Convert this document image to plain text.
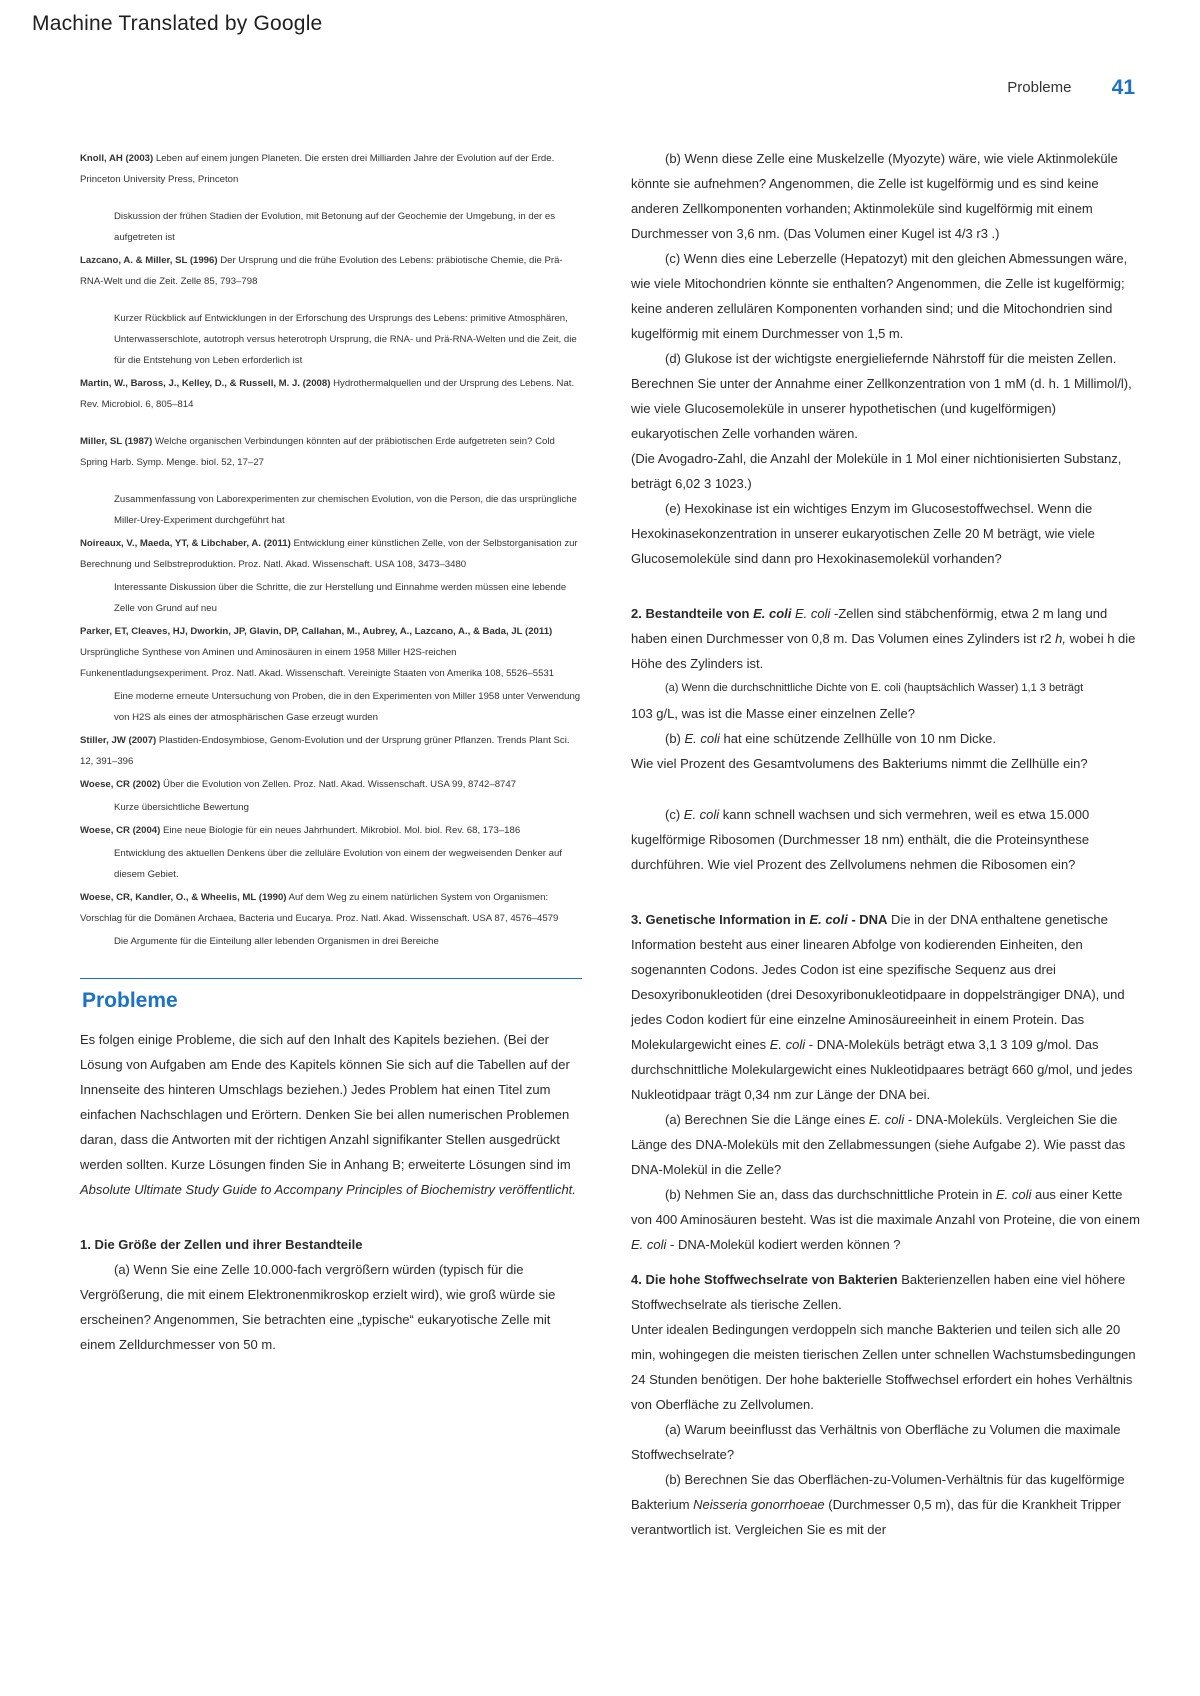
Machine Translated by Google
Probleme 41

Knoll, AH (2003) Leben auf einem jungen Planeten. Die ersten drei Milliarden Jahre der Evolution auf der Erde. Princeton University Press, Princeton

Diskussion der frühen Stadien der Evolution, mit Betonung auf der Geochemie der Umgebung, in der es aufgetreten ist

Lazcano, A. & Miller, SL (1996) Der Ursprung und die frühe Evolution des Lebens: präbiotische Chemie, die Prä-RNA-Welt und die Zeit. Zelle 85, 793–798

Kurzer Rückblick auf Entwicklungen in der Erforschung des Ursprungs des Lebens: primitive Atmosphären, Unterwasserschlote, autotroph versus heterotroph Ursprung, die RNA- und Prä-RNA-Welten und die Zeit, die für die Entstehung von Leben erforderlich ist

Martin, W., Baross, J., Kelley, D., & Russell, M. J. (2008) Hydrothermalquellen und der Ursprung des Lebens. Nat. Rev. Microbiol. 6, 805–814

Miller, SL (1987) Welche organischen Verbindungen könnten auf der präbiotischen Erde aufgetreten sein? Cold Spring Harb. Symp. Menge. biol. 52, 17–27

Zusammenfassung von Laborexperimenten zur chemischen Evolution, von die Person, die das ursprüngliche Miller-Urey-Experiment durchgeführt hat

Noireaux, V., Maeda, YT, & Libchaber, A. (2011) Entwicklung einer künstlichen Zelle, von der Selbstorganisation zur Berechnung und Selbstreproduktion. Proz. Natl. Akad. Wissenschaft. USA 108, 3473–3480

Interessante Diskussion über die Schritte, die zur Herstellung und Einnahme werden müssen eine lebende Zelle von Grund auf neu

Parker, ET, Cleaves, HJ, Dworkin, JP, Glavin, DP, Callahan, M., Aubrey, A., Lazcano, A., & Bada, JL (2011) Ursprüngliche Synthese von Aminen und Aminosäuren in einem 1958 Miller H2S-reichen Funkenentladungsexperiment. Proz. Natl. Akad. Wissenschaft. Vereinigte Staaten von Amerika 108, 5526–5531

Eine moderne erneute Untersuchung von Proben, die in den Experimenten von Miller 1958 unter Verwendung von H2S als eines der atmosphärischen Gase erzeugt wurden

Stiller, JW (2007) Plastiden-Endosymbiose, Genom-Evolution und der Ursprung grüner Pflanzen. Trends Plant Sci. 12, 391–396

Woese, CR (2002) Über die Evolution von Zellen. Proz. Natl. Akad. Wissenschaft. USA 99, 8742–8747

Kurze übersichtliche Bewertung

Woese, CR (2004) Eine neue Biologie für ein neues Jahrhundert. Mikrobiol. Mol. biol. Rev. 68, 173–186

Entwicklung des aktuellen Denkens über die zelluläre Evolution von einem der wegweisenden Denker auf diesem Gebiet.

Woese, CR, Kandler, O., & Wheelis, ML (1990) Auf dem Weg zu einem natürlichen System von Organismen: Vorschlag für die Domänen Archaea, Bacteria und Eucarya. Proz. Natl. Akad. Wissenschaft. USA 87, 4576–4579

Die Argumente für die Einteilung aller lebenden Organismen in drei Bereiche

Probleme

Es folgen einige Probleme, die sich auf den Inhalt des Kapitels beziehen. (Bei der Lösung von Aufgaben am Ende des Kapitels können Sie sich auf die Tabellen auf der Innenseite des hinteren Umschlags beziehen.) Jedes Problem hat einen Titel zum einfachen Nachschlagen und Erörtern. Denken Sie bei allen numerischen Problemen daran, dass die Antworten mit der richtigen Anzahl signifikanter Stellen ausgedrückt werden sollten. Kurze Lösungen finden Sie in Anhang B; erweiterte Lösungen sind im Absolute Ultimate Study Guide to Accompany Principles of Biochemistry veröffentlicht.

1. Die Größe der Zellen und ihrer Bestandteile

(a) Wenn Sie eine Zelle 10.000-fach vergrößern würden (typisch für die Vergrößerung, die mit einem Elektronenmikroskop erzielt wird), wie groß würde sie erscheinen? Angenommen, Sie betrachten eine „typische“ eukaryotische Zelle mit einem Zelldurchmesser von 50 m.

(b) Wenn diese Zelle eine Muskelzelle (Myozyte) wäre, wie viele Aktinmoleküle könnte sie aufnehmen? Angenommen, die Zelle ist kugelförmig und es sind keine anderen Zellkomponenten vorhanden; Aktinmoleküle sind kugelförmig mit einem Durchmesser von 3,6 nm. (Das Volumen einer Kugel ist 4/3 r3 .)

(c) Wenn dies eine Leberzelle (Hepatozyt) mit den gleichen Abmessungen wäre, wie viele Mitochondrien könnte sie enthalten? Angenommen, die Zelle ist kugelförmig; keine anderen zellulären Komponenten vorhanden sind; und die Mitochondrien sind kugelförmig mit einem Durchmesser von 1,5 m.

(d) Glukose ist der wichtigste energieliefernde Nährstoff für die meisten Zellen. Berechnen Sie unter der Annahme einer Zellkonzentration von 1 mM (d. h. 1 Millimol/l), wie viele Glucosemoleküle in unserer hypothetischen (und kugelförmigen) eukaryotischen Zelle vorhanden wären.

(Die Avogadro-Zahl, die Anzahl der Moleküle in 1 Mol einer nichtionisierten Substanz, beträgt 6,02 3 1023.)

(e) Hexokinase ist ein wichtiges Enzym im Glucosestoffwechsel. Wenn die Hexokinasekonzentration in unserer eukaryotischen Zelle 20 M beträgt, wie viele Glucosemoleküle sind dann pro Hexokinasemolekül vorhanden?

2. Bestandteile von E. coli E. coli -Zellen sind stäbchenförmig, etwa 2 m lang und haben einen Durchmesser von 0,8 m. Das Volumen eines Zylinders ist r2 h, wobei h die Höhe des Zylinders ist.

(a) Wenn die durchschnittliche Dichte von E. coli (hauptsächlich Wasser) 1,1 3 beträgt

103 g/L, was ist die Masse einer einzelnen Zelle?

(b) E. coli hat eine schützende Zellhülle von 10 nm Dicke.

Wie viel Prozent des Gesamtvolumens des Bakteriums nimmt die Zellhülle ein?

(c) E. coli kann schnell wachsen und sich vermehren, weil es etwa 15.000 kugelförmige Ribosomen (Durchmesser 18 nm) enthält, die die Proteinsynthese durchführen. Wie viel Prozent des Zellvolumens nehmen die Ribosomen ein?

3. Genetische Information in E. coli - DNA Die in der DNA enthaltene genetische Information besteht aus einer linearen Abfolge von kodierenden Einheiten, den sogenannten Codons. Jedes Codon ist eine spezifische Sequenz aus drei Desoxyribonukleotiden (drei Desoxyribonukleotidpaare in doppelsträngiger DNA), und jedes Codon kodiert für eine einzelne Aminosäureeinheit in einem Protein. Das Molekulargewicht eines E. coli - DNA-Moleküls beträgt etwa 3,1 3 109 g/mol. Das durchschnittliche Molekulargewicht eines Nukleotidpaares beträgt 660 g/mol, und jedes Nukleotidpaar trägt 0,34 nm zur Länge der DNA bei.

(a) Berechnen Sie die Länge eines E. coli - DNA-Moleküls. Vergleichen Sie die Länge des DNA-Moleküls mit den Zellabmessungen (siehe Aufgabe 2). Wie passt das DNA-Molekül in die Zelle?

(b) Nehmen Sie an, dass das durchschnittliche Protein in E. coli aus einer Kette von 400 Aminosäuren besteht. Was ist die maximale Anzahl von Proteine, die von einem E. coli - DNA-Molekül kodiert werden können ?

4. Die hohe Stoffwechselrate von Bakterien Bakterienzellen haben eine viel höhere Stoffwechselrate als tierische Zellen.

Unter idealen Bedingungen verdoppeln sich manche Bakterien und teilen sich alle 20 min, wohingegen die meisten tierischen Zellen unter schnellen Wachstumsbedingungen 24 Stunden benötigen. Der hohe bakterielle Stoffwechsel erfordert ein hohes Verhältnis von Oberfläche zu Zellvolumen.

(a) Warum beeinflusst das Verhältnis von Oberfläche zu Volumen die maximale Stoffwechselrate?

(b) Berechnen Sie das Oberflächen-zu-Volumen-Verhältnis für das kugelförmige Bakterium Neisseria gonorrhoeae (Durchmesser 0,5 m), das für die Krankheit Tripper verantwortlich ist. Vergleichen Sie es mit der
